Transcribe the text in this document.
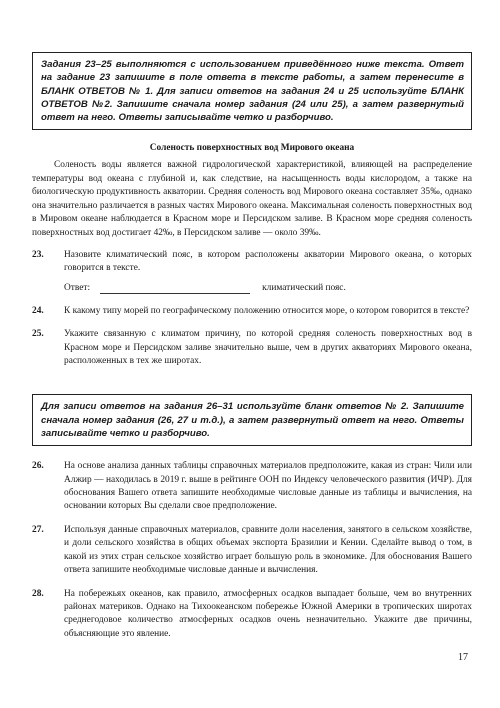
Задания 23–25 выполняются с использованием приведённого ниже текста. Ответ на задание 23 запишите в поле ответа в тексте работы, а затем перенесите в БЛАНК ОТВЕТОВ № 1. Для записи ответов на задания 24 и 25 используйте БЛАНК ОТВЕТОВ №2. Запишите сначала номер задания (24 или 25), а затем развернутый ответ на него. Ответы записывайте четко и разборчиво.
Соленость поверхностных вод Мирового океана

Соленость воды является важной гидрологической характеристикой, влияющей на распределение температуры вод океана с глубиной и, как следствие, на насыщенность воды кислородом, а также на биологическую продуктивность акватории. Средняя соленость вод Мирового океана составляет 35‰, однако она значительно различается в разных частях Мирового океана. Максимальная соленость поверхностных вод в Мировом океане наблюдается в Красном море и Персидском заливе. В Красном море средняя соленость поверхностных вод достигает 42‰, в Персидском заливе — около 39‰.

23. Назовите климатический пояс, в котором расположены акватории Мирового океана, о которых говорится в тексте.
Ответ:	климатический пояс.
24. К какому типу морей по географическому положению относится море, о котором говорится в тексте?
25. Укажите связанную с климатом причину, по которой средняя соленость поверхностных вод в Красном море и Персидском заливе значительно выше, чем в других акваториях Мирового океана, расположенных в тех же широтах.
Для записи ответов на задания 26–31 используйте бланк ответов № 2. Запишите сначала номер задания (26, 27 и т.д.), а затем развернутый ответ на него. Ответы записывайте четко и разборчиво.
26. На основе анализа данных таблицы справочных материалов предположите, какая из стран: Чили или Алжир — находилась в 2019 г. выше в рейтинге ООН по Индексу человеческого развития (ИЧР). Для обоснования Вашего ответа запишите необходимые числовые данные из таблицы и вычисления, на основании которых Вы сделали свое предположение.
27. Используя данные справочных материалов, сравните доли населения, занятого в сельском хозяйстве, и доли сельского хозяйства в общих объемах экспорта Бразилии и Кении. Сделайте вывод о том, в какой из этих стран сельское хозяйство играет большую роль в экономике. Для обоснования Вашего ответа запишите необходимые числовые данные и вычисления.
28. На побережьях океанов, как правило, атмосферных осадков выпадает больше, чем во внутренних районах материков. Однако на Тихоокеанском побережье Южной Америки в тропических широтах среднегодовое количество атмосферных осадков очень незначительно. Укажите две причины, объясняющие это явление.
17
